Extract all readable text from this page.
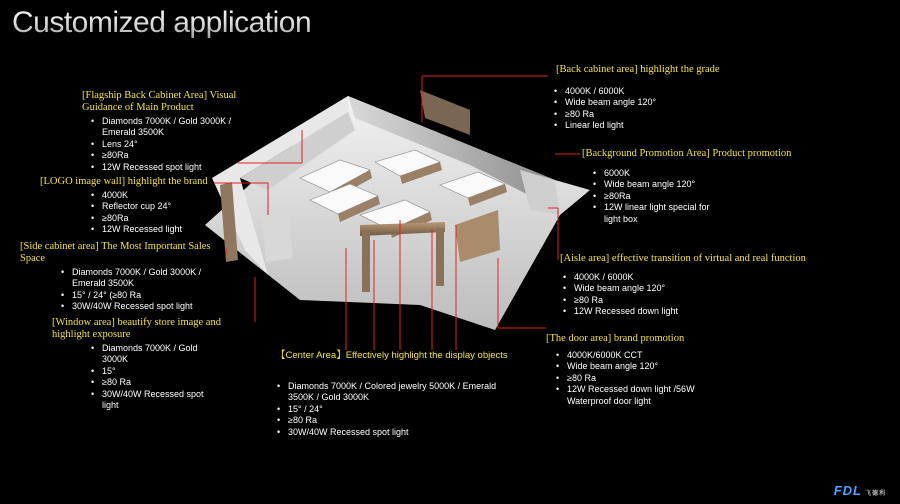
Customized application
[Flagship Back Cabinet Area] Visual Guidance of Main Product
• Diamonds 7000K / Gold 3000K / Emerald 3500K
• Lens 24°
• ≥80Ra
• 12W Recessed spot light
[LOGO image wall] highlight the brand
• 4000K
• Reflector cup 24°
• ≥80Ra
• 12W Recessed light
[Side cabinet area] The Most Important Sales Space
• Diamonds 7000K / Gold 3000K / Emerald 3500K
• 15° / 24° (≥80 Ra
• 30W/40W Recessed spot light
[Window area] beautify store image and highlight exposure
• Diamonds 7000K / Gold 3000K
• 15°
• ≥80 Ra
• 30W/40W Recessed spot light
【Center Area】Effectively highlight the display objects
• Diamonds 7000K / Colored jewelry 5000K / Emerald 3500K / Gold 3000K
• 15° / 24°
• ≥80 Ra
• 30W/40W Recessed spot light
[Back cabinet area] highlight the grade
• 4000K / 6000K
• Wide beam angle 120°
• ≥80 Ra
• Linear led light
[Background Promotion Area] Product promotion
• 6000K
• Wide beam angle 120°
• ≥80Ra
• 12W linear light special for light box
[Aisle area] effective transition of virtual and real function
• 4000K / 6000K
• Wide beam angle 120°
• ≥80 Ra
• 12W Recessed down light
[The door area] brand promotion
• 4000K/6000K CCT
• Wide beam angle 120°
• ≥80 Ra
• 12W Recessed down light /56W Waterproof door light
FDL 飞德利
